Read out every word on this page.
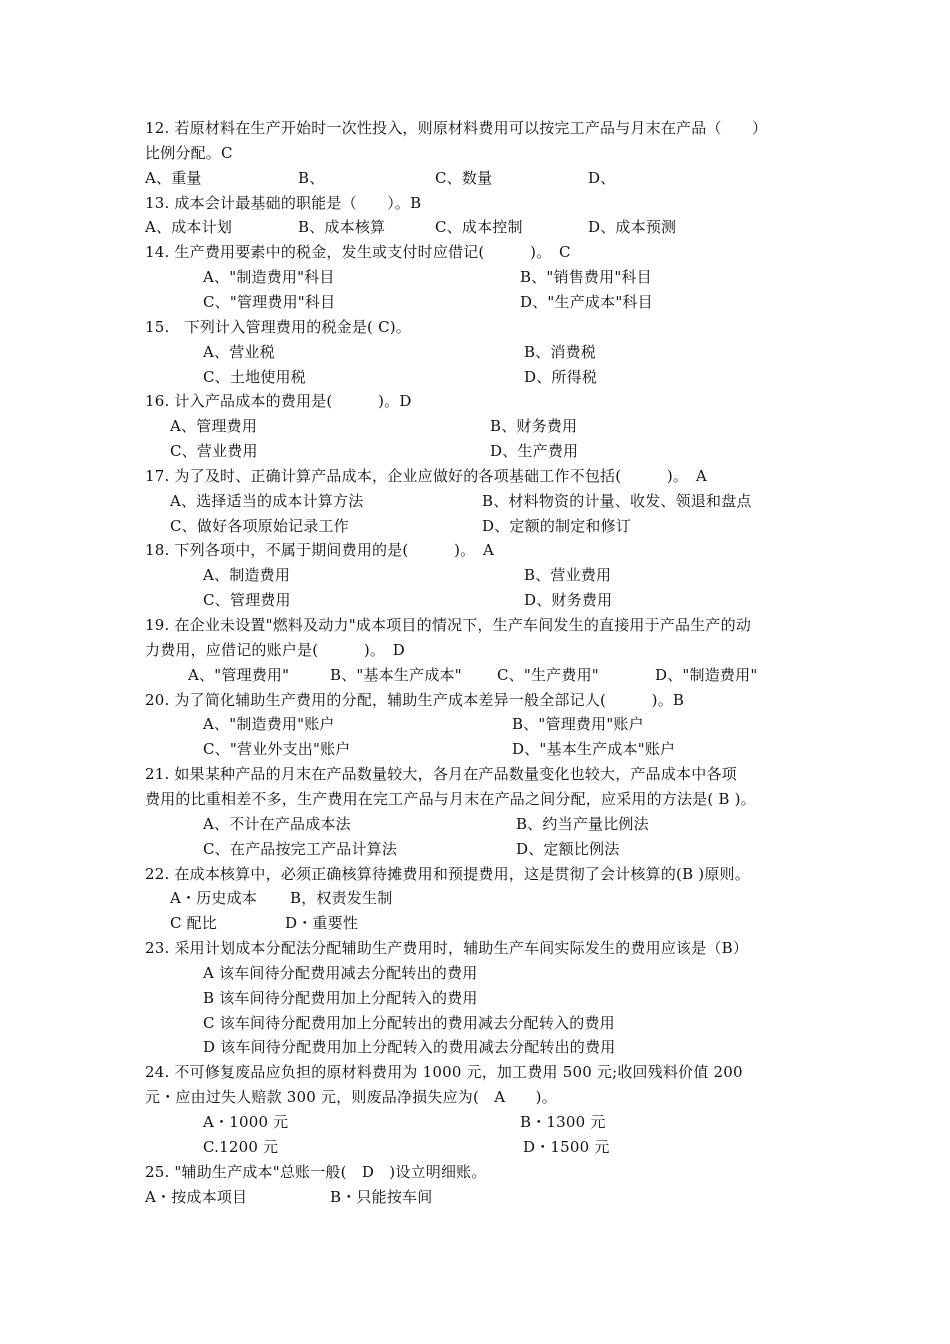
12. 若原材料在生产开始时一次性投入，则原材料费用可以按完工产品与月末在产品（　　）
比例分配。C
A、重量	B、	C、数量	D、
13. 成本会计最基础的职能是（　　）。B
A、成本计划	B、成本核算	C、成本控制	D、成本预测
14. 生产费用要素中的税金，发生或支付时应借记(　　　)。　C
A、"制造费用"科目	B、"销售费用"科目
C、"管理费用"科目	D、"生产成本"科目
15.　下列计入管理费用的税金是( C)。
A、营业税	B、消费税
C、土地使用税	D、所得税
16. 计入产品成本的费用是(　　　)。D
A、管理费用	B、财务费用
C、营业费用	D、生产费用
17. 为了及时、正确计算产品成本，企业应做好的各项基础工作不包括(　　　)。　A
A、选择适当的成本计算方法	B、材料物资的计量、收发、领退和盘点
C、做好各项原始记录工作	D、定额的制定和修订
18. 下列各项中，不属于期间费用的是(　　　)。　A
A、制造费用	B、营业费用
C、管理费用	D、财务费用
19. 在企业未设置"燃料及动力"成本项目的情况下，生产车间发生的直接用于产品生产的动
力费用，应借记的账户是(　　　)。　D
A、"管理费用"	B、"基本生产成本" C、"生产费用"	D、"制造费用"
20. 为了简化辅助生产费用的分配，辅助生产成本差异一般全部记人(　　　)。B
A、"制造费用"账户	B、"管理费用"账户
C、"营业外支出"账户	D、"基本生产成本"账户
21. 如果某种产品的月末在产品数量较大，各月在产品数量变化也较大，产品成本中各项
费用的比重相差不多，生产费用在完工产品与月末在产品之间分配，应采用的方法是( B )。
A、不计在产品成本法	B、约当产量比例法
C、在产品按完工产品计算法	D、定额比例法
22. 在成本核算中，必须正确核算待摊费用和预提费用，这是贯彻了会计核算的(B )原则。
A・历史成本 B，权责发生制
C 配比	D・重要性
23. 采用计划成本分配法分配辅助生产费用时，辅助生产车间实际发生的费用应该是（B）
A 该车间待分配费用减去分配转出的费用
B 该车间待分配费用加上分配转入的费用
C 该车间待分配费用加上分配转出的费用减去分配转入的费用
D 该车间待分配费用加上分配转入的费用减去分配转出的费用
24. 不可修复废品应负担的原材料费用为 1000 元，加工费用 500 元;收回残料价值 200
元・应由过失人赔款 300 元，则废品净损失应为(　A　　)。
A・1000 元	B・1300 元
C.1200 元	D・1500 元
25. "辅助生产成本"总账一般(　D　)设立明细账。
A・按成本项目	B・只能按车间
